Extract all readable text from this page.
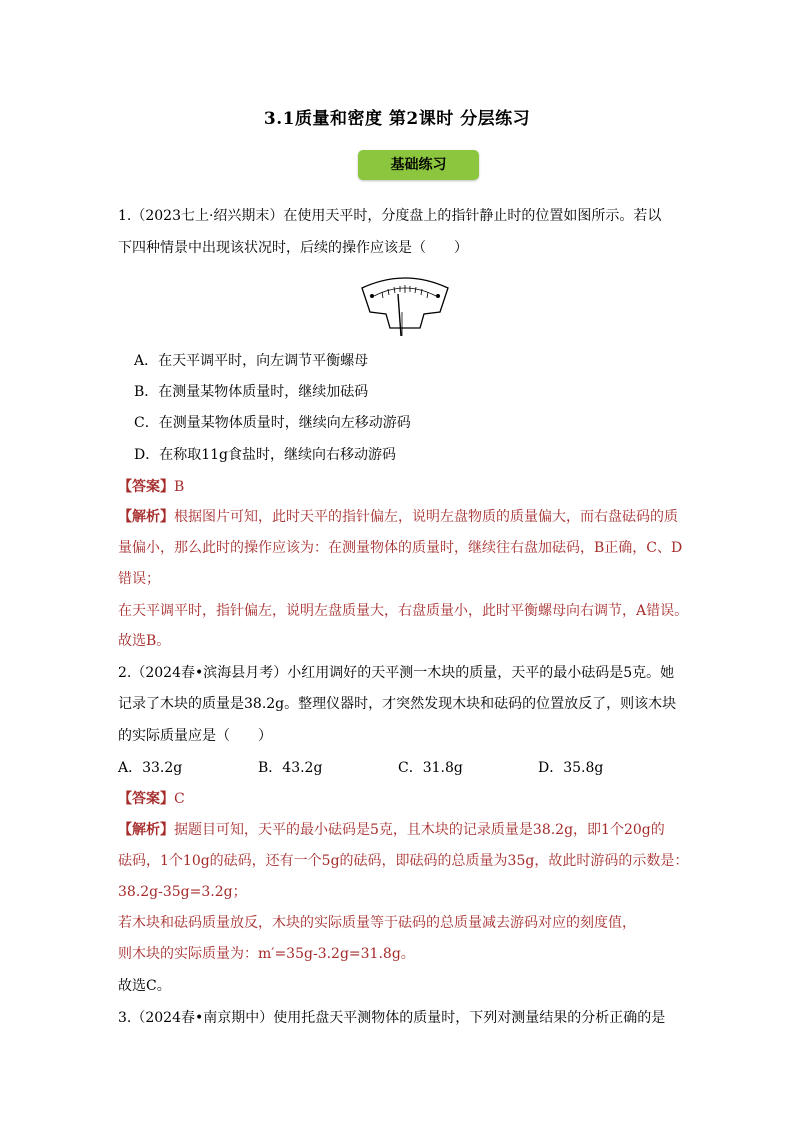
3.1质量和密度 第2课时 分层练习
基础练习
1.（2023七上·绍兴期末）在使用天平时，分度盘上的指针静止时的位置如图所示。若以
下四种情景中出现该状况时，后续的操作应该是（　　）
A．在天平调平时，向左调节平衡螺母
B．在测量某物体质量时，继续加砝码
C．在测量某物体质量时，继续向左移动游码
D．在称取11g食盐时，继续向右移动游码
【答案】B
【解析】根据图片可知，此时天平的指针偏左，说明左盘物质的质量偏大，而右盘砝码的质
量偏小，那么此时的操作应该为：在测量物体的质量时，继续往右盘加砝码，B正确，C、D
错误；
在天平调平时，指针偏左，说明左盘质量大，右盘质量小，此时平衡螺母向右调节，A错误。
故选B。
2.（2024春•滨海县月考）小红用调好的天平测一木块的质量，天平的最小砝码是5克。她
记录了木块的质量是38.2g。整理仪器时，才突然发现木块和砝码的位置放反了，则该木块
的实际质量应是（　　）
A．33.2g	B．43.2g	C．31.8g	D．35.8g
【答案】C
【解析】据题目可知，天平的最小砝码是5克，且木块的记录质量是38.2g，即1个20g的
砝码，1个10g的砝码，还有一个5g的砝码，即砝码的总质量为35g，故此时游码的示数是：
38.2g-35g=3.2g；
若木块和砝码质量放反，木块的实际质量等于砝码的总质量减去游码对应的刻度值，
则木块的实际质量为：m′=35g-3.2g=31.8g。
故选C。
3.（2024春•南京期中）使用托盘天平测物体的质量时，下列对测量结果的分析正确的是
